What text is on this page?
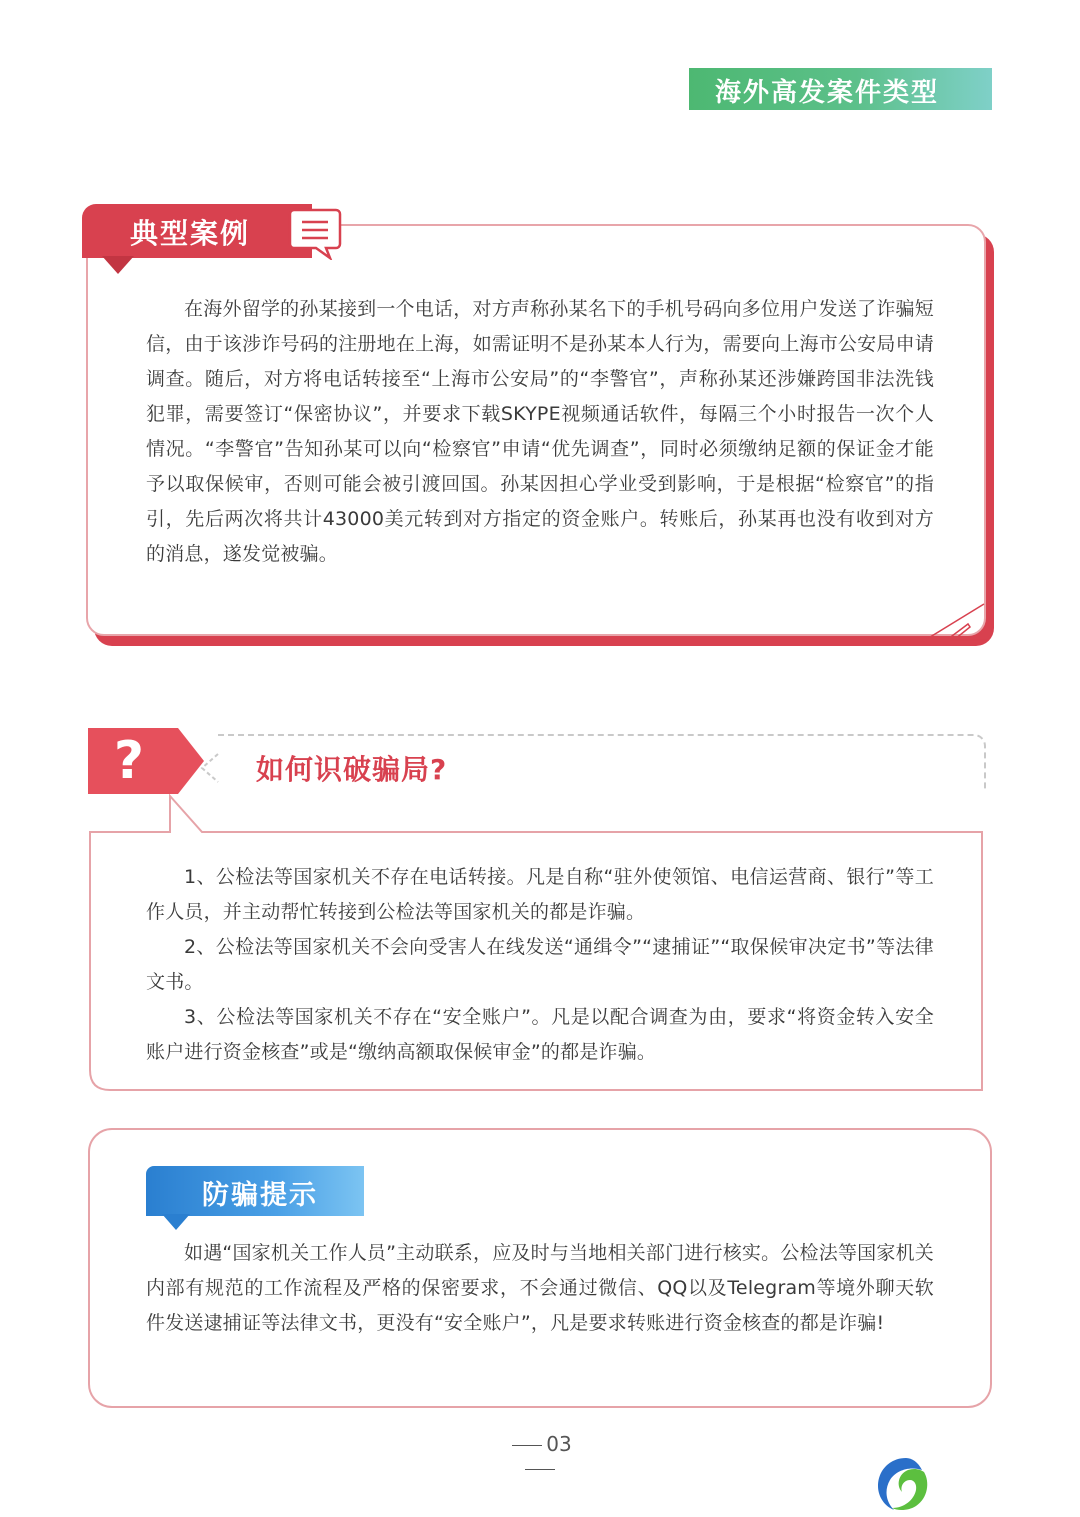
海外高发案件类型
典型案例

在海外留学的孙某接到一个电话，对方声称孙某名下的手机号码向多位用户发送了诈骗短信，由于该涉诈号码的注册地在上海，如需证明不是孙某本人行为，需要向上海市公安局申请调查。随后，对方将电话转接至“上海市公安局”的“李警官”，声称孙某还涉嫌跨国非法洗钱犯罪，需要签订“保密协议”，并要求下载SKYPE视频通话软件，每隔三个小时报告一次个人情况。“李警官”告知孙某可以向“检察官”申请“优先调查”，同时必须缴纳足额的保证金才能予以取保候审，否则可能会被引渡回国。孙某因担心学业受到影响，于是根据“检察官”的指引，先后两次将共计43000美元转到对方指定的资金账户。转账后，孙某再也没有收到对方的消息，遂发觉被骗。

?	如何识破骗局?

1、公检法等国家机关不存在电话转接。凡是自称“驻外使领馆、电信运营商、银行”等工作人员，并主动帮忙转接到公检法等国家机关的都是诈骗。

2、公检法等国家机关不会向受害人在线发送“通缉令”“逮捕证”“取保候审决定书”等法律文书。

3、公检法等国家机关不存在“安全账户”。凡是以配合调查为由，要求“将资金转入安全账户进行资金核查”或是“缴纳高额取保候审金”的都是诈骗。

防骗提示

如遇“国家机关工作人员”主动联系，应及时与当地相关部门进行核实。公检法等国家机关内部有规范的工作流程及严格的保密要求，不会通过微信、QQ以及Telegram等境外聊天软件发送逮捕证等法律文书，更没有“安全账户”，凡是要求转账进行资金核查的都是诈骗!

03
